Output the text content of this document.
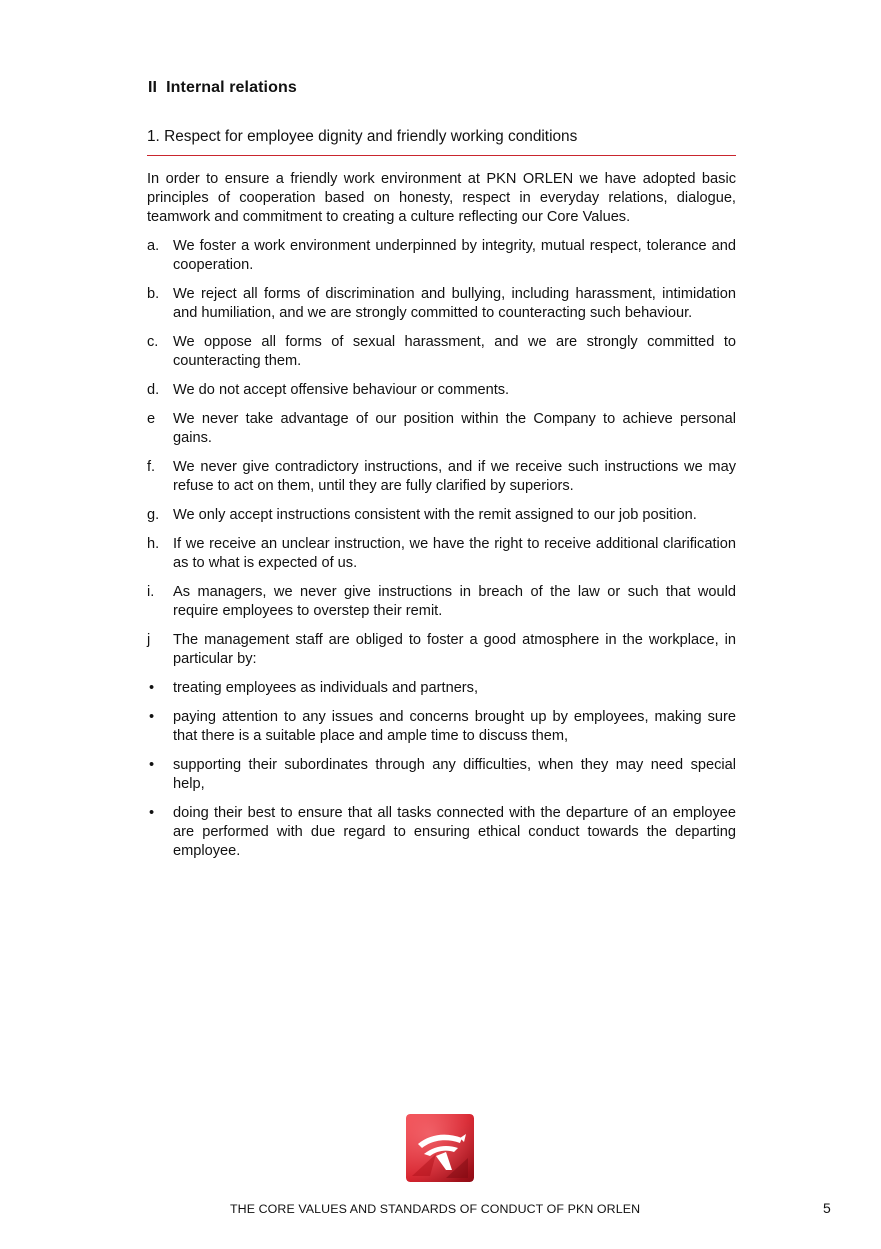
II Internal relations
1. Respect for employee dignity and friendly working conditions

In order to ensure a friendly work environment at PKN ORLEN we have adopted basic principles of cooperation based on honesty, respect in everyday relations, dialogue, teamwork and commitment to creating a culture reflecting our Core Values.

a. We foster a work environment underpinned by integrity, mutual respect, tolerance and cooperation.
b. We reject all forms of discrimination and bullying, including harassment, intimidation and humiliation, and we are strongly committed to counteracting such behaviour.
c.	We oppose all forms of sexual harassment, and we are strongly committed to counteracting them.
d. We do not accept offensive behaviour or comments.
e	We never take advantage of our position within the Company to achieve personal gains.
f.	We never give contradictory instructions, and if we receive such instructions we may refuse to act on them, until they are fully clarified by superiors.
g. We only accept instructions consistent with the remit assigned to our job position.
h. If we receive an unclear instruction, we have the right to receive additional clarification as to what is expected of us.
i.	As managers, we never give instructions in breach of the law or such that would require employees to overstep their remit.
j	The management staff are obliged to foster a good atmosphere in the workplace, in particular by:
•	treating employees as individuals and partners,
•	paying attention to any issues and concerns brought up by employees, making sure that there is a suitable place and ample time to discuss them,
•	supporting their subordinates through any difficulties, when they may need special help,
•	doing their best to ensure that all tasks connected with the departure of an employee are performed with due regard to ensuring ethical conduct towards the departing employee.
THE CORE VALUES AND STANDARDS OF CONDUCT OF PKN ORLEN	5
